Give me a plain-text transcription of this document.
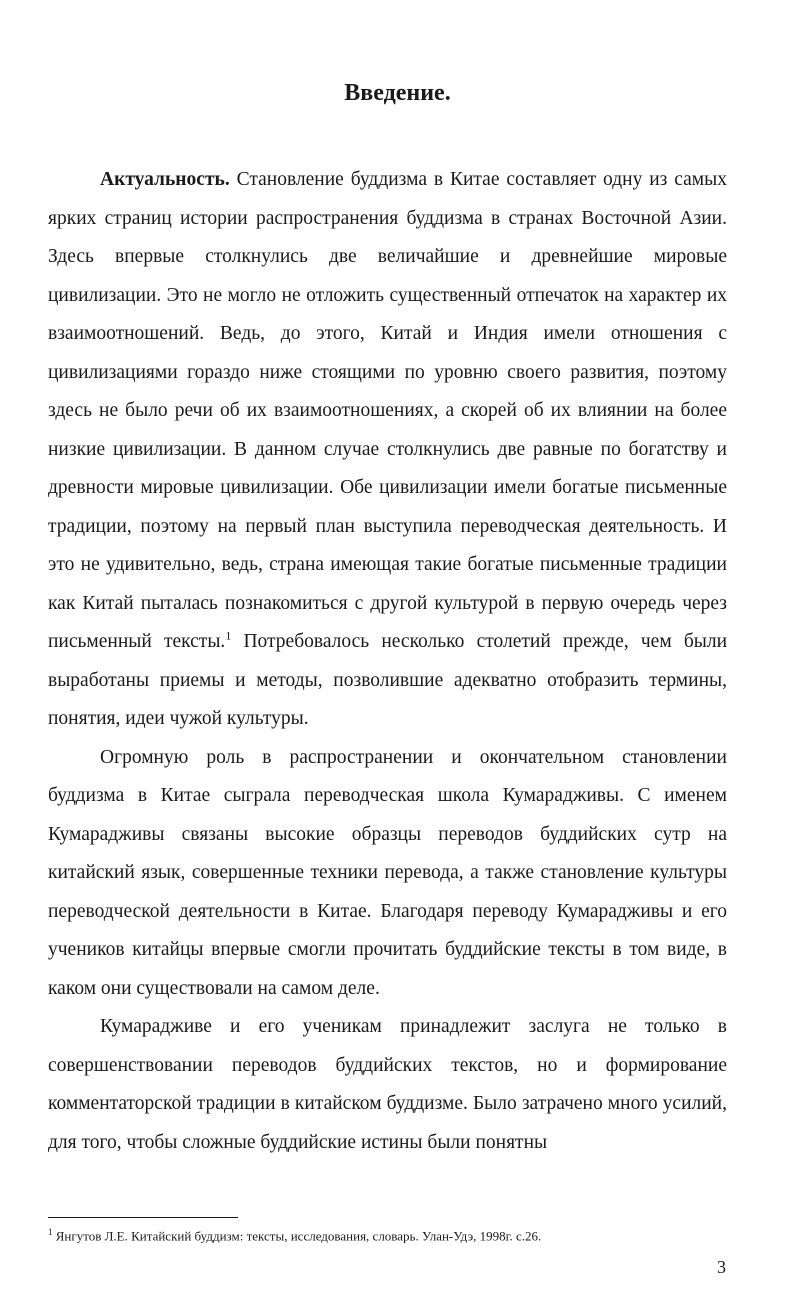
Введение.

Актуальность. Становление буддизма в Китае составляет одну из самых ярких страниц истории распространения буддизма в странах Восточной Азии. Здесь впервые столкнулись две величайшие и древнейшие мировые цивилизации. Это не могло не отложить существенный отпечаток на характер их взаимоотношений. Ведь, до этого, Китай и Индия имели отношения с цивилизациями гораздо ниже стоящими по уровню своего развития, поэтому здесь не было речи об их взаимоотношениях, а скорей об их влиянии на более низкие цивилизации. В данном случае столкнулись две равные по богатству и древности мировые цивилизации. Обе цивилизации имели богатые письменные традиции, поэтому на первый план выступила переводческая деятельность. И это не удивительно, ведь, страна имеющая такие богатые письменные традиции как Китай пыталась познакомиться с другой культурой в первую очередь через письменный тексты.$^1$ Потребовалось несколько столетий прежде, чем были выработаны приемы и методы, позволившие адекватно отобразить термины, понятия, идеи чужой культуры.

Огромную роль в распространении и окончательном становлении буддизма в Китае сыграла переводческая школа Кумарадживы. С именем Кумарадживы связаны высокие образцы переводов буддийских сутр на китайский язык, совершенные техники перевода, а также становление культуры переводческой деятельности в Китае. Благодаря переводу Кумарадживы и его учеников китайцы впервые смогли прочитать буддийские тексты в том виде, в каком они существовали на самом деле.

Кумарадживе и его ученикам принадлежит заслуга не только в совершенствовании переводов буддийских текстов, но и формирование комментаторской традиции в китайском буддизме. Было затрачено много усилий, для того, чтобы сложные буддийские истины были понятны

$^1$ Янгутов Л.Е. Китайский буддизм: тексты, исследования, словарь. Улан-Удэ, 1998г. с.26.
3
